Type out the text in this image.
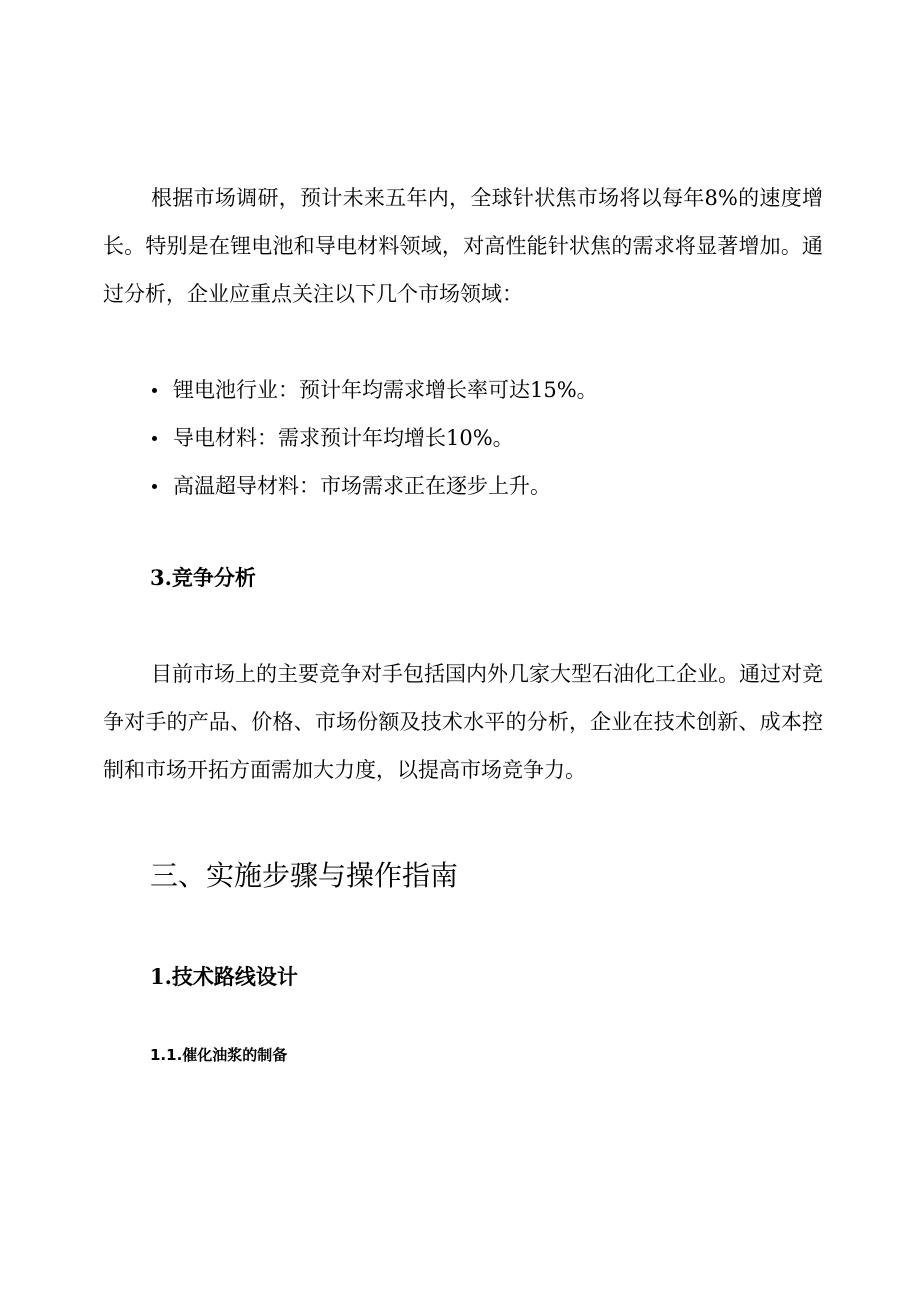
根据市场调研，预计未来五年内，全球针状焦市场将以每年8%的速度增长。特别是在锂电池和导电材料领域，对高性能针状焦的需求将显著增加。通过分析，企业应重点关注以下几个市场领域：

锂电池行业：预计年均需求增长率可达15%。
导电材料：需求预计年均增长10%。
高温超导材料：市场需求正在逐步上升。
3.竞争分析

目前市场上的主要竞争对手包括国内外几家大型石油化工企业。通过对竞争对手的产品、价格、市场份额及技术水平的分析，企业在技术创新、成本控制和市场开拓方面需加大力度，以提高市场竞争力。

三、实施步骤与操作指南
1.技术路线设计
1.1.催化油浆的制备
